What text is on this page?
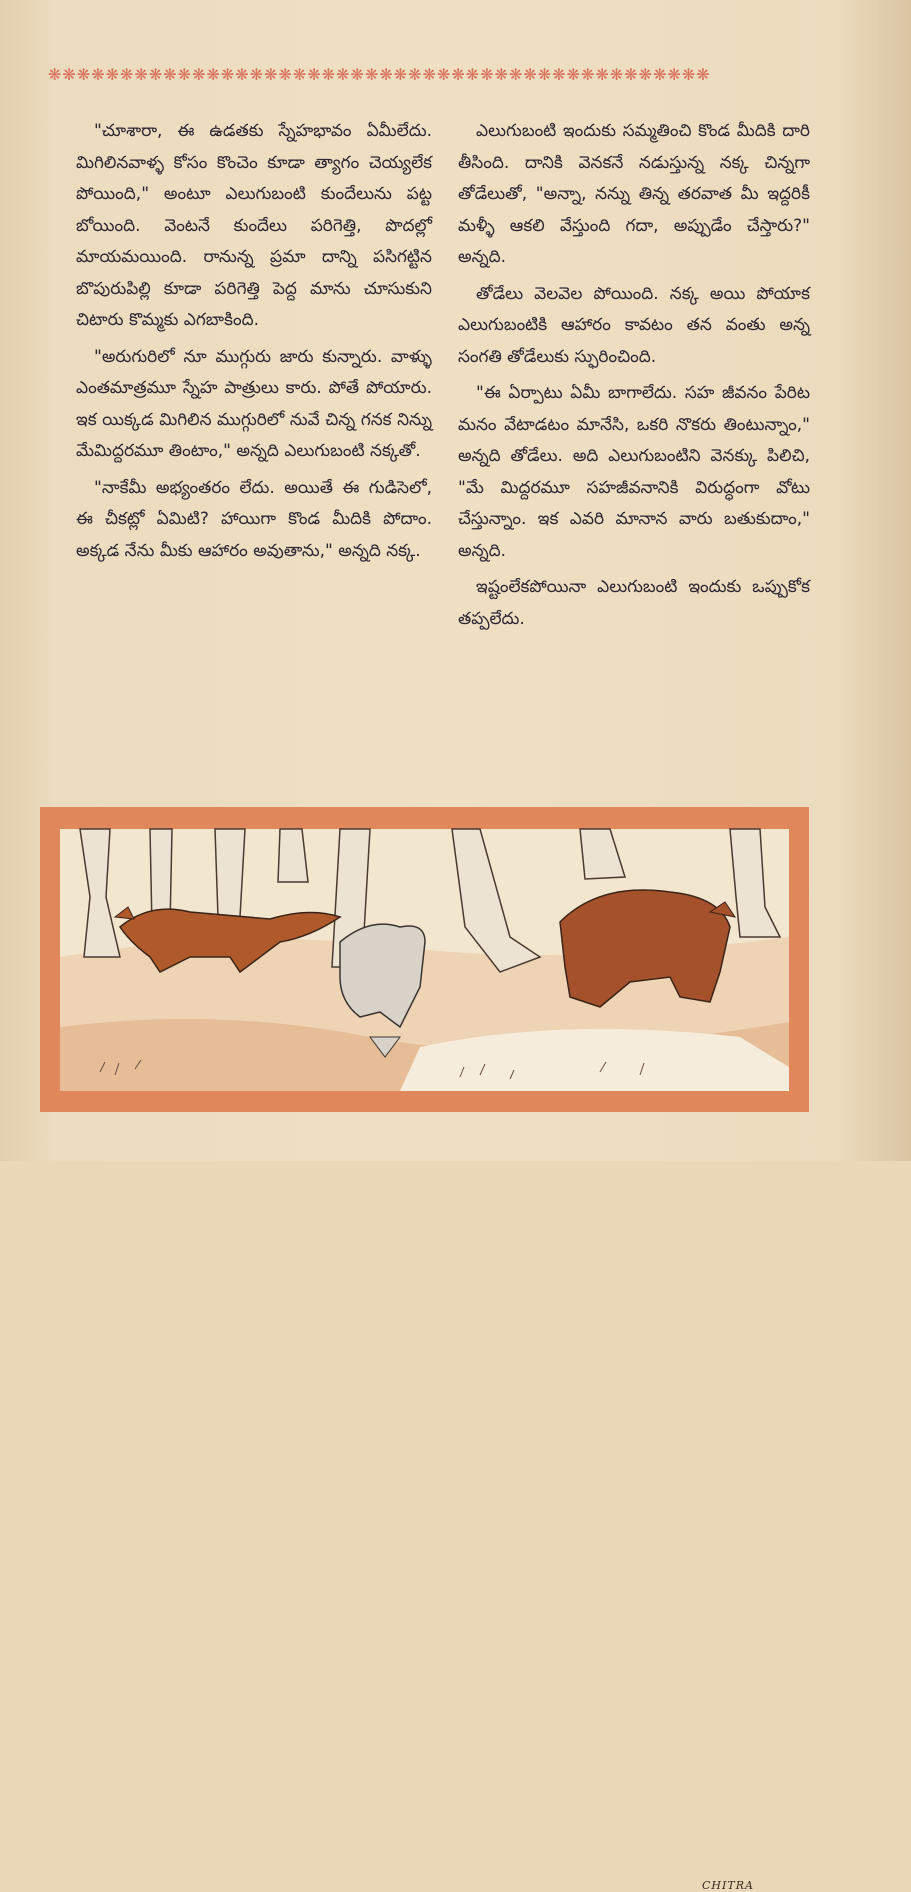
❋❋❋❋❋❋❋❋❋❋❋❋❋❋❋❋❋❋❋❋❋❋❋❋❋❋❋❋❋❋❋❋❋❋❋❋❋❋❋❋❋❋❋❋❋❋

"చూశారా, ఈ ఉడతకు స్నేహభావం ఏమీలేదు. మిగిలినవాళ్ళ కోసం కొంచెం కూడా త్యాగం చెయ్యలేక పోయింది," అంటూ ఎలుగుబంటి కుందేలును పట్ట బోయింది. వెంటనే కుందేలు పరిగెత్తి, పొదల్లో మాయమయింది. రానున్న ప్రమా దాన్ని పసిగట్టిన బొపురుపిల్లి కూడా పరిగెత్తి పెద్ద మాను చూసుకుని చిటారు కొమ్మకు ఎగబాకింది.

"అరుగురిలో నూ ముగ్గురు జారు కున్నారు. వాళ్ళు ఎంతమాత్రమూ స్నేహ పాత్రులు కారు. పోతే పోయారు. ఇక యిక్కడ మిగిలిన ముగ్గురిలో నువే చిన్న గనక నిన్ను మేమిద్దరమూ తింటాం," అన్నది ఎలుగుబంటి నక్కతో.

"నాకేమీ అభ్యంతరం లేదు. అయితే ఈ గుడిసెలో, ఈ చీకట్లో ఏమిటి? హాయిగా కొండ మీదికి పోదాం. అక్కడ నేను మీకు ఆహారం అవుతాను," అన్నది నక్క.

ఎలుగుబంటి ఇందుకు సమ్మతించి కొండ మీదికి దారి తీసింది. దానికి వెనకనే నడుస్తున్న నక్క చిన్నగా తోడేలుతో, "అన్నా, నన్ను తిన్న తరవాత మీ ఇద్దరికీ మళ్ళీ ఆకలి వేస్తుంది గదా, అప్పుడేం చేస్తారు?" అన్నది.

తోడేలు వెలవెల పోయింది. నక్క అయి పోయాక ఎలుగుబంటికి ఆహారం కావటం తన వంతు అన్న సంగతి తోడేలుకు స్ఫురించింది.

"ఈ ఏర్పాటు ఏమీ బాగాలేదు. సహ జీవనం పేరిట మనం వేటాడటం మానేసి, ఒకరి నొకరు తింటున్నాం," అన్నది తోడేలు. అది ఎలుగుబంటిని వెనక్కు పిలిచి, "మే మిద్దరమూ సహజీవనానికి విరుద్ధంగా వోటు చేస్తున్నాం. ఇక ఎవరి మానాన వారు బతుకుదాం," అన్నది.

ఇష్టంలేకపోయినా ఎలుగుబంటి ఇందుకు ఒప్పుకోక తప్పలేదు.

CHITRA
